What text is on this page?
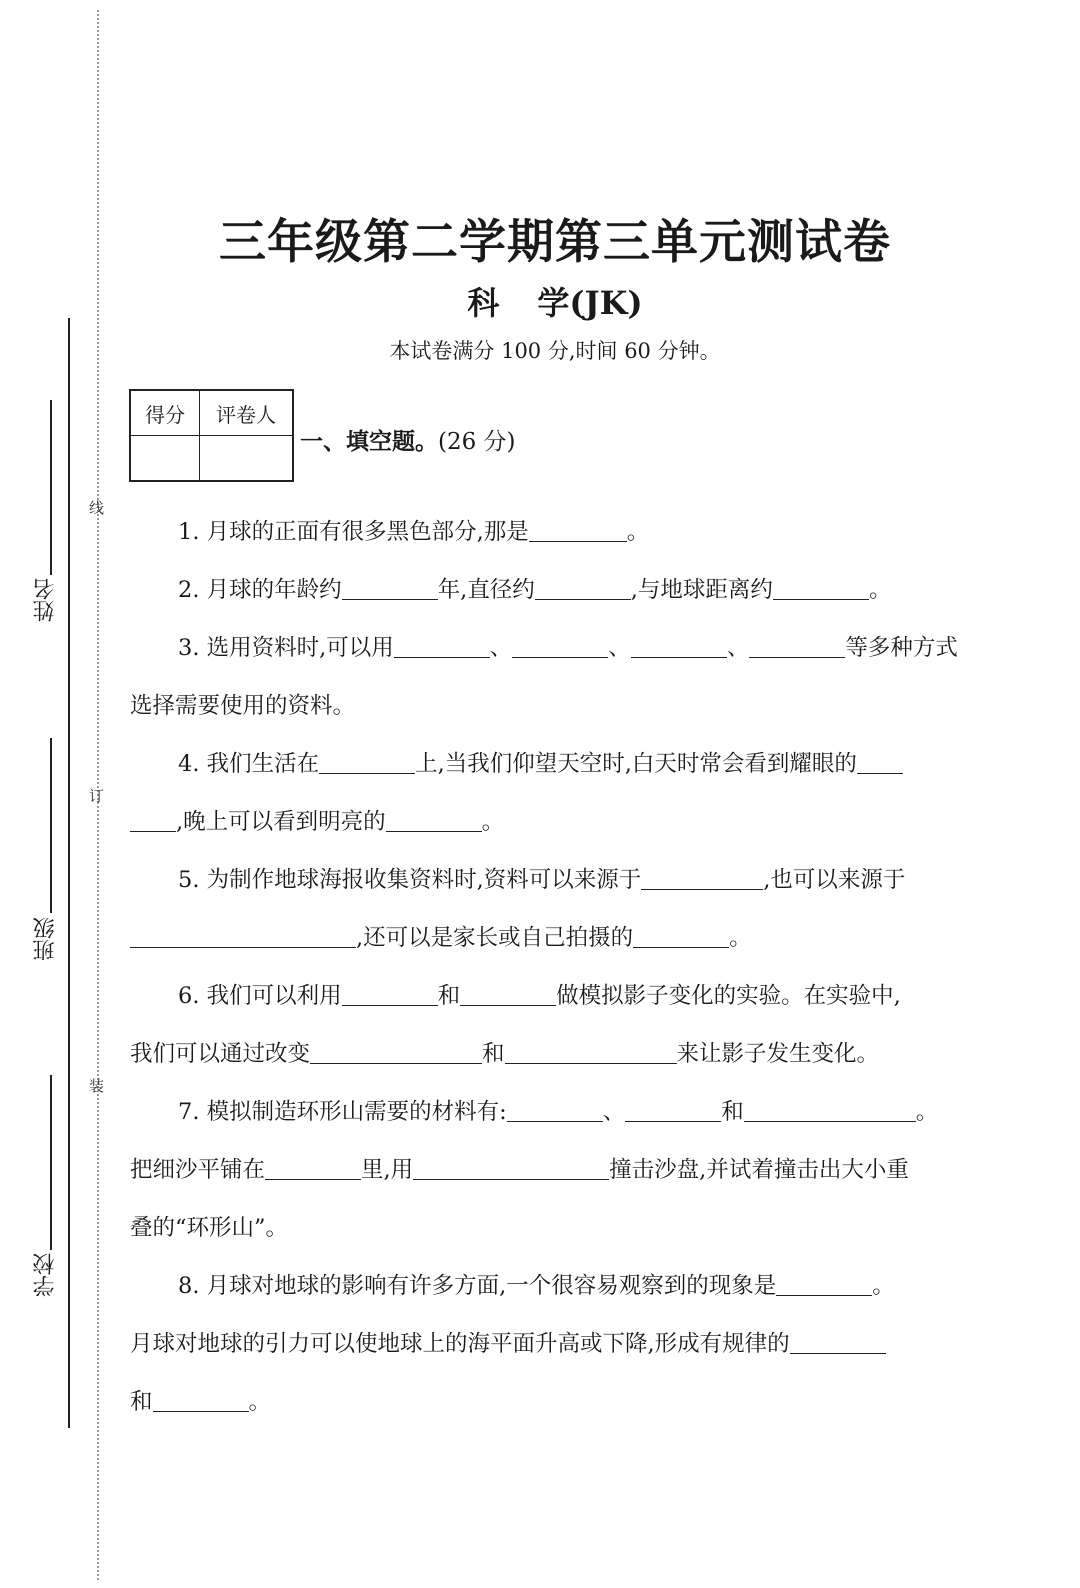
线
订
装
姓名
班级
学校
三年级第二学期第三单元测试卷
科学(JK)
本试卷满分 100 分,时间 60 分钟。
得分	评卷人

一、填空题。(26 分)

1. 月球的正面有很多黑色部分,那是	。

2. 月球的年龄约	年,直径约	,与地球距离约	。

3. 选用资料时,可以用	、	、	、	等多种方式

选择需要使用的资料。

4. 我们生活在	上,当我们仰望天空时,白天时常会看到耀眼的

,晚上可以看到明亮的	。

5. 为制作地球海报收集资料时,资料可以来源于	,也可以来源于

,还可以是家长或自己拍摄的	。

6. 我们可以利用	和	做模拟影子变化的实验。在实验中,

我们可以通过改变	和	来让影子发生变化。

7. 模拟制造环形山需要的材料有:	、	和	。

把细沙平铺在	里,用	撞击沙盘,并试着撞击出大小重

叠的“环形山”。

8. 月球对地球的影响有许多方面,一个很容易观察到的现象是	。

月球对地球的引力可以使地球上的海平面升高或下降,形成有规律的

和	。
